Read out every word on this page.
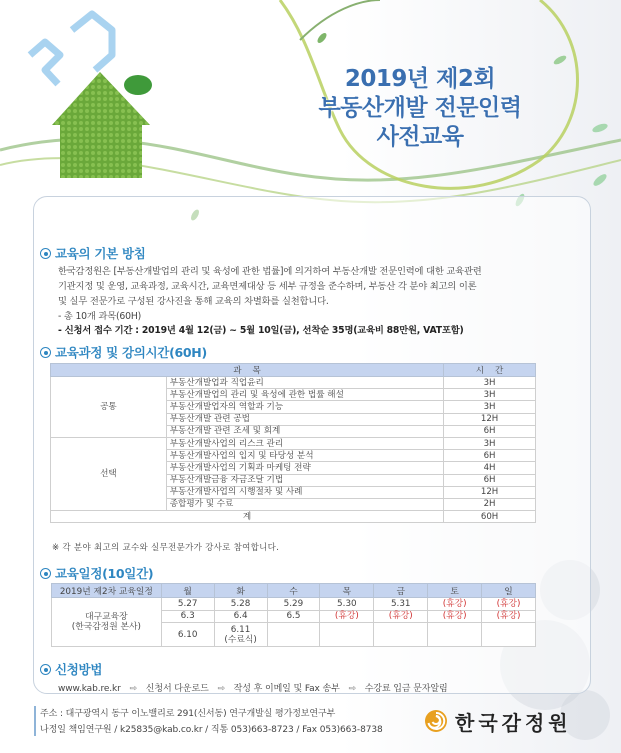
2019년 제2회
부동산개발 전문인력
사전교육
교육의 기본 방침
한국감정원은 [부동산개발업의 관리 및 육성에 관한 법률]에 의거하여 부동산개발 전문인력에 대한 교육관련
기관지정 및 운영, 교육과정, 교육시간, 교육면제대상 등 세부 규정을 준수하며, 부동산 각 분야 최고의 이론
및 실무 전문가로 구성된 강사진을 통해 교육의 차별화를 실천합니다.
- 총 10개 과목(60H)
- 신청서 접수 기간 : 2019년 4월 12(금) ~ 5월 10일(금), 선착순 35명(교육비 88만원, VAT포함)
교육과정 및 강의시간(60H)
과    목		시    간
공통	부동산개발업과 직업윤리	3H
	부동산개발업의 관리 및 육성에 관한 법률 해설	3H
	부동산개발업자의 역할과 기능	3H
	부동산개발 관련 공법	12H
	부동산개발 관련 조세 및 회계	6H
선택	부동산개발사업의 리스크 관리	3H
	부동산개발사업의 입지 및 타당성 분석	6H
	부동산개발사업의 기획과 마케팅 전략	4H
	부동산개발금융 자금조달 기법	6H
	부동산개발사업의 시행절차 및 사례	12H
	종합평가 및 수료	2H
계		60H
※ 각 분야 최고의 교수와 실무전문가가 강사로 참여합니다.
교육일정(10일간)
2019년 제2차 교육일정	월	화	수	목	금	토	일

대구교육장
(한국감정원 본사)	5.27	5.28	5.29	5.30	5.31	(휴강)	(휴강)
	6.3	6.4	6.5	(휴강)	(휴강)	(휴강)	(휴강)
	6.10	6.11
(수료식)					

신청방법
www.kab.re.kr ⇨ 신청서 다운로드 ⇨ 작성 후 이메일 및 Fax 송부 ⇨ 수강료 입금 문자알림
주소 : 대구광역시 동구 이노밸리로 291(신서동) 연구개발실 평가정보연구부
나정일 책임연구원 / k25835@kab.co.kr / 직통 053)663-8723 / Fax 053)663-8738	한국감정원
